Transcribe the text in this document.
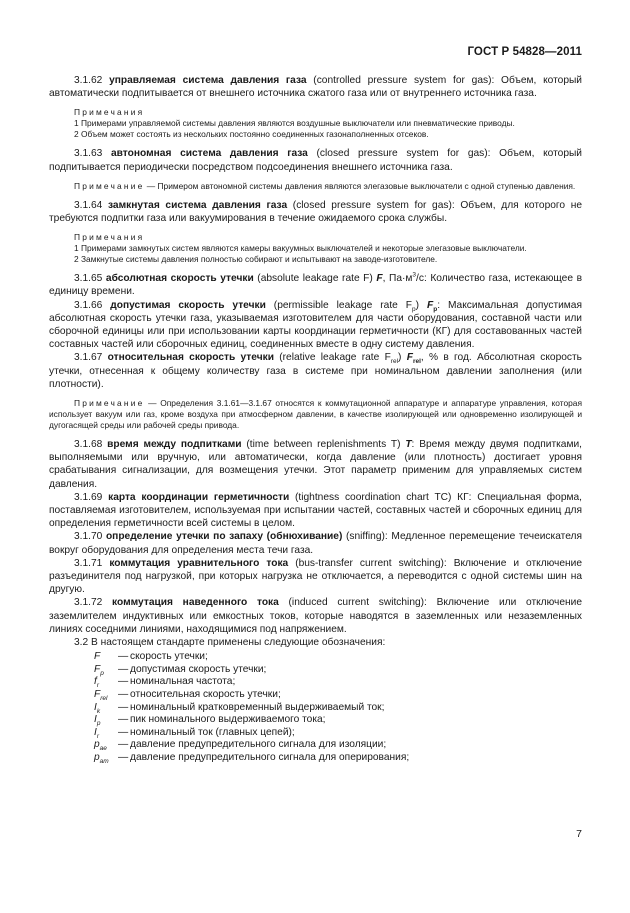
ГОСТ Р 54828—2011

3.1.62 управляемая система давления газа (controlled pressure system for gas): Объем, который автоматически подпитывается от внешнего источника сжатого газа или от внутреннего источника газа.

Примечания

1 Примерами управляемой системы давления являются воздушные выключатели или пневматические приводы.

2 Объем может состоять из нескольких постоянно соединенных газонаполненных отсеков.

3.1.63 автономная система давления газа (closed pressure system for gas): Объем, который подпитывается периодически посредством подсоединения внешнего источника газа.

Примечание — Примером автономной системы давления являются элегазовые выключатели с одной ступенью давления.

3.1.64 замкнутая система давления газа (closed pressure system for gas): Объем, для которого не требуются подпитки газа или вакуумирования в течение ожидаемого срока службы.

Примечания

1 Примерами замкнутых систем являются камеры вакуумных выключателей и некоторые элегазовые выключатели.

2 Замкнутые системы давления полностью собирают и испытывают на заводе-изготовителе.

3.1.65 абсолютная скорость утечки (absolute leakage rate F) F, $Па\cdot м^3/с$: Количество газа, истекающее в единицу времени.

3.1.66 допустимая скорость утечки (permissible leakage rate $F_p$) $F_p$: Максимальная допустимая абсолютная скорость утечки газа, указываемая изготовителем для части оборудования, составной части или сборочной единицы или при использовании карты координации герметичности (КГ) для составованных частей составных частей или сборочных единиц, соединенных вместе в одну систему давления.

3.1.67 относительная скорость утечки (relative leakage rate $F_{rel}$) $F_{rel}$, % в год. Абсолютная скорость утечки, отнесенная к общему количеству газа в системе при номинальном давлении заполнения (или плотности).

Примечание — Определения 3.1.61—3.1.67 относятся к коммутационной аппаратуре и аппаратуре управления, которая использует вакуум или газ, кроме воздуха при атмосферном давлении, в качестве изолирующей или одновременно изолирующей и дугогасящей среды или рабочей среды привода.

3.1.68 время между подпитками (time between replenishments T) T: Время между двумя подпитками, выполняемыми или вручную, или автоматически, когда давление (или плотность) достигает уровня срабатывания сигнализации, для возмещения утечки. Этот параметр применим для управляемых систем давления.

3.1.69 карта координации герметичности (tightness coordination chart TC) КГ: Специальная форма, поставляемая изготовителем, используемая при испытании частей, составных частей и сборочных единиц для определения герметичности всей системы в целом.

3.1.70 определение утечки по запаху (обнюхивание) (sniffing): Медленное перемещение течеискателя вокруг оборудования для определения места течи газа.

3.1.71 коммутация уравнительного тока (bus-transfer current switching): Включение и отключение разъединителя под нагрузкой, при которых нагрузка не отключается, а переводится с одной системы шин на другую.

3.1.72 коммутация наведенного тока (induced current switching): Включение или отключение заземлителем индуктивных или емкостных токов, которые наводятся в заземленных или незаземленных линиях соседними линиями, находящимися под напряжением.

3.2 В настоящем стандарте применены следующие обозначения:

F	— скорость утечки;
$F_p$	— допустимая скорость утечки;
$f_r$	— номинальная частота;
$F_{rel}$	— относительная скорость утечки;
$I_k$	— номинальный кратковременный выдерживаемый ток;
$I_p$	— пик номинального выдерживаемого тока;
$I_r$	— номинальный ток (главных цепей);
$p_{ae}$	— давление предупредительного сигнала для изоляции;
$p_{am}$ — давление предупредительного сигнала для оперирования;
7
